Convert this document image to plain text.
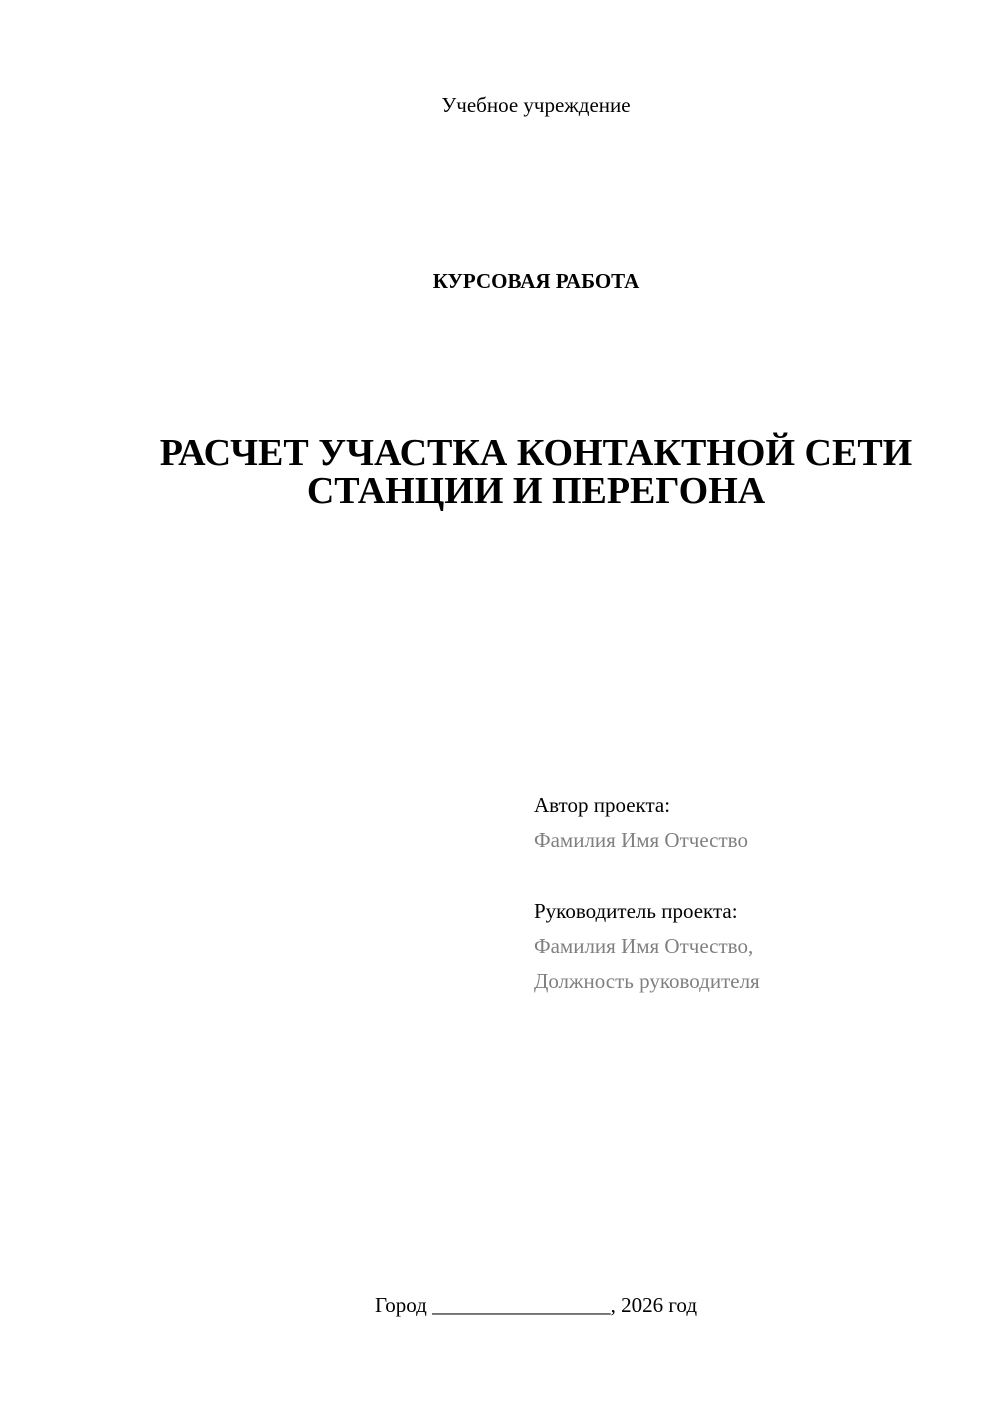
Учебное учреждение
КУРСОВАЯ РАБОТА
РАСЧЕТ УЧАСТКА КОНТАКТНОЙ СЕТИ
СТАНЦИИ И ПЕРЕГОНА
Автор проекта:
Фамилия Имя Отчество
Руководитель проекта:
Фамилия Имя Отчество,
Должность руководителя
Город _________________, 2026 год
